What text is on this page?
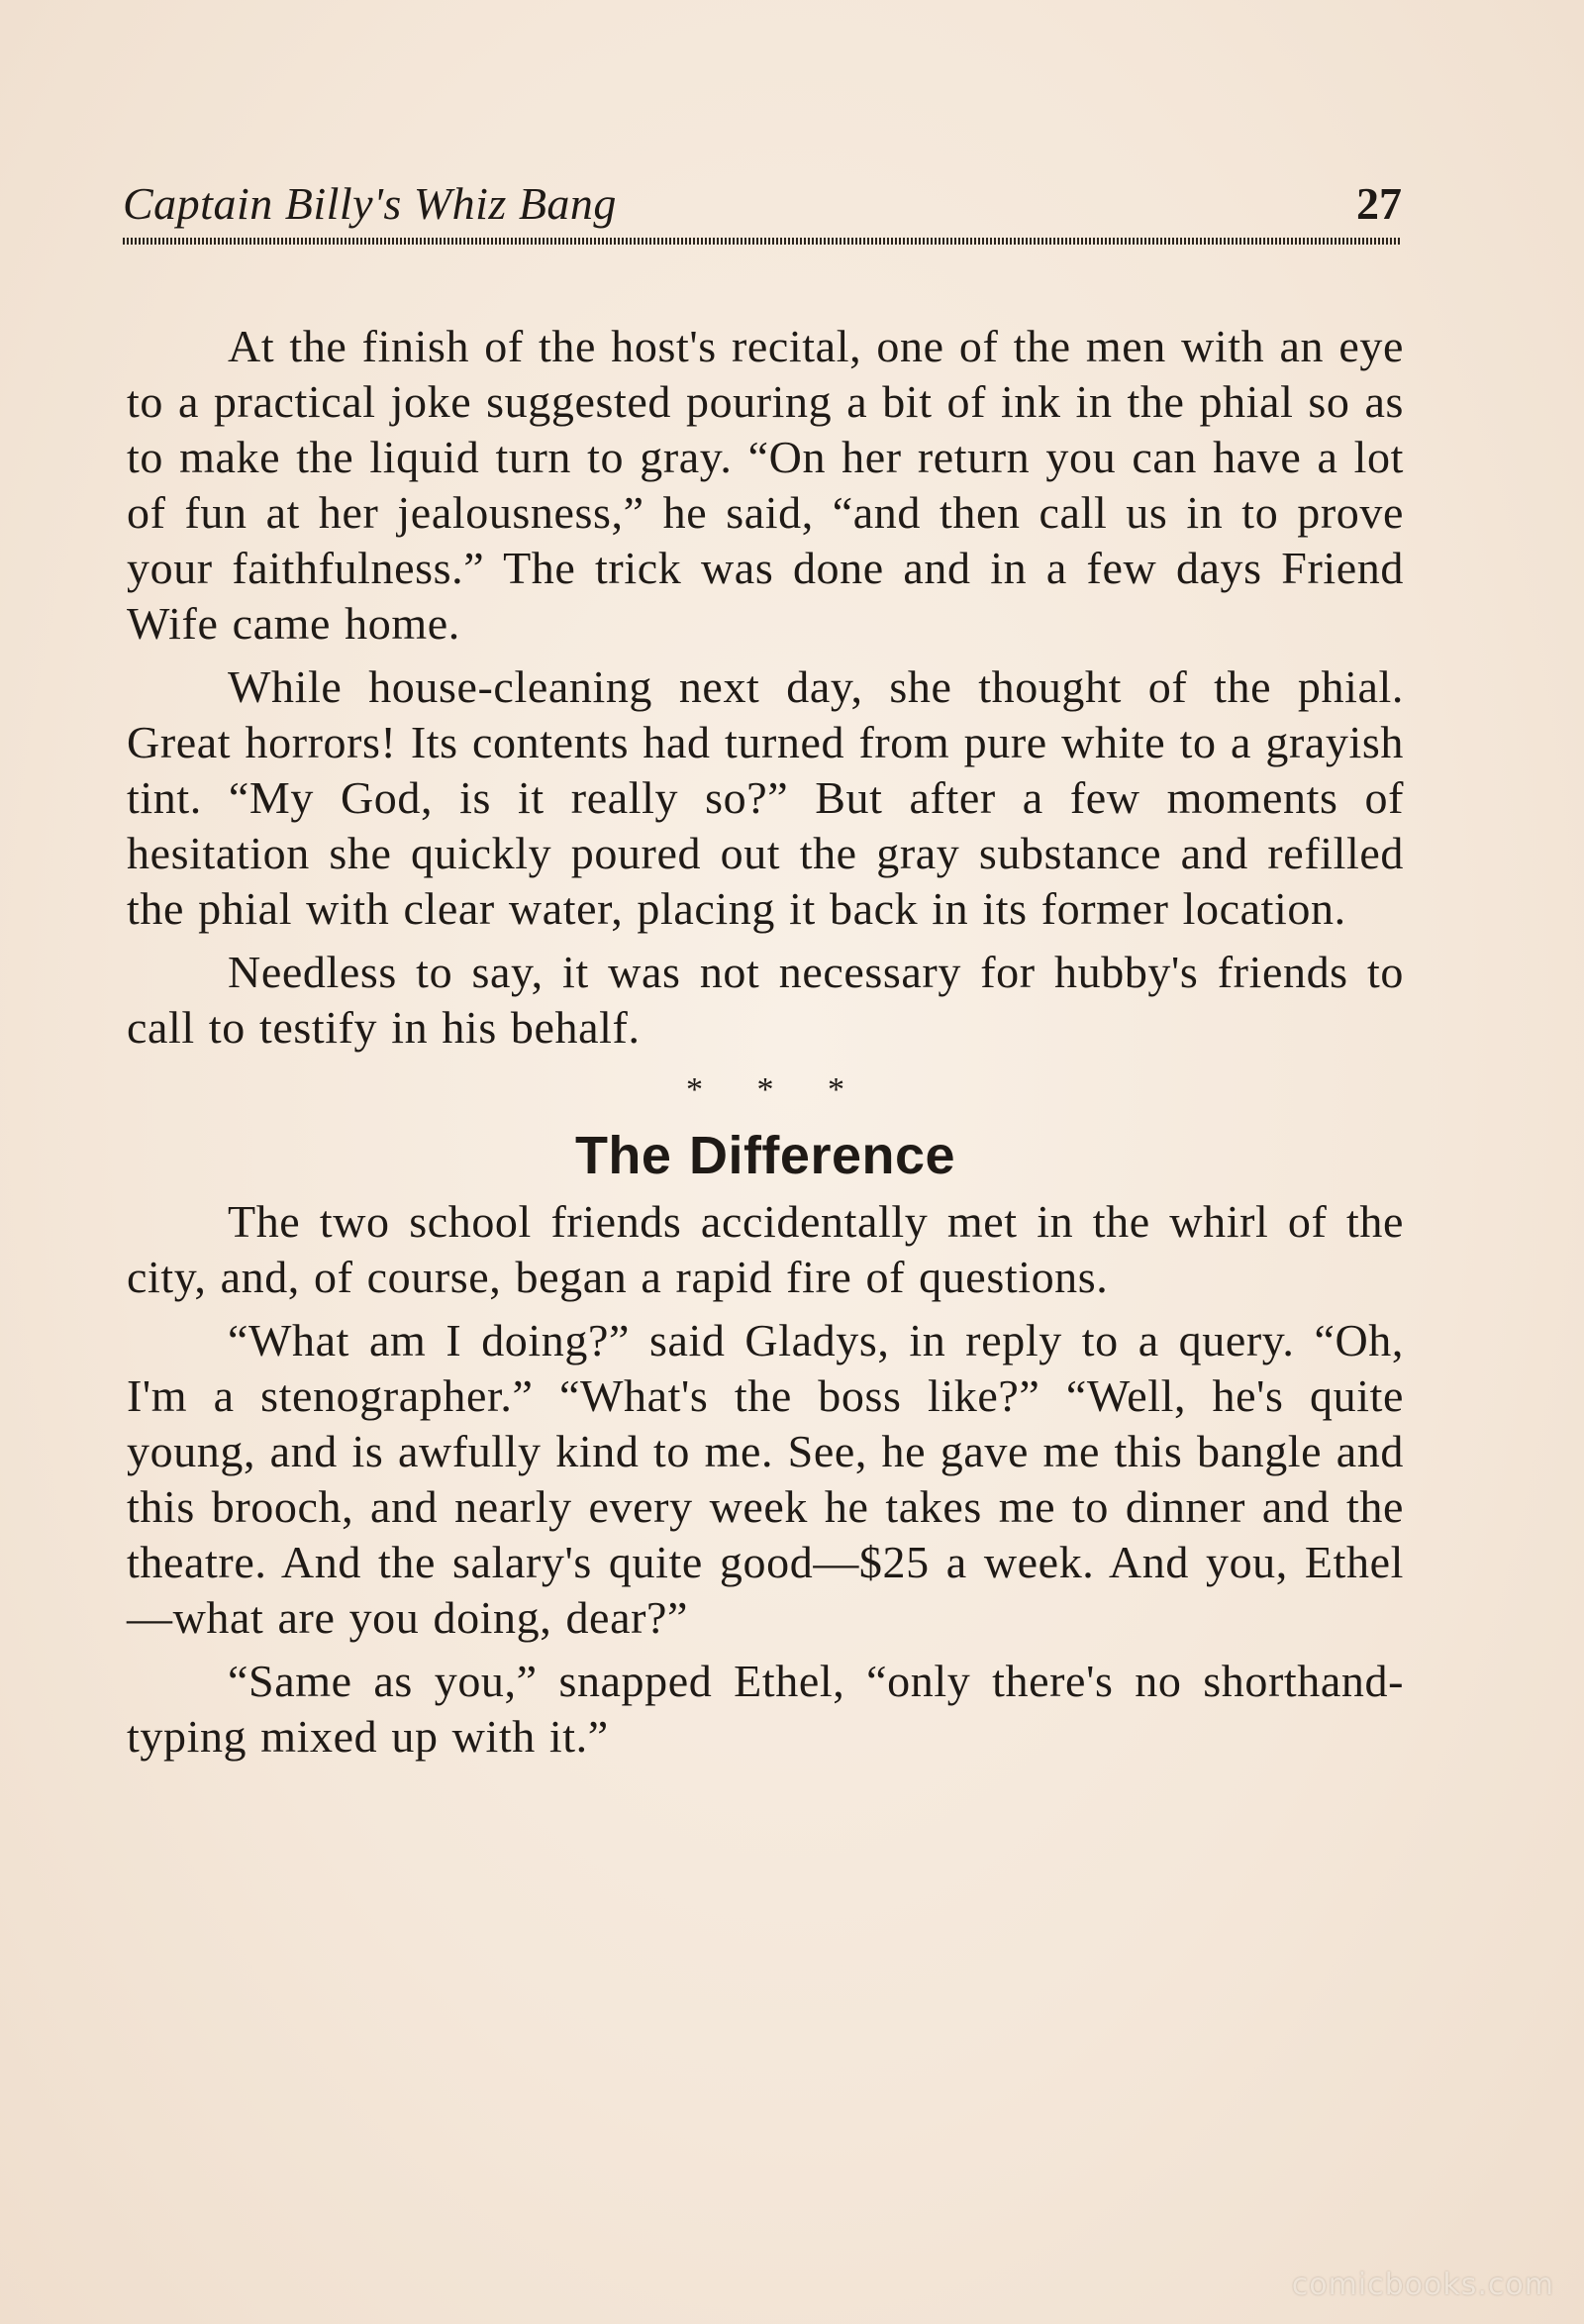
Captain Billy's Whiz Bang	27

At the finish of the host's recital, one of the men with an eye to a practical joke suggested pouring a bit of ink in the phial so as to make the liquid turn to gray. “On her return you can have a lot of fun at her jealousness,” he said, “and then call us in to prove your faithfulness.” The trick was done and in a few days Friend Wife came home.

While house-cleaning next day, she thought of the phial. Great horrors! Its contents had turned from pure white to a grayish tint. “My God, is it really so?” But after a few moments of hesitation she quickly poured out the gray substance and refilled the phial with clear water, placing it back in its former location.

Needless to say, it was not necessary for hubby's friends to call to testify in his behalf.

* * *
The Difference

The two school friends accidentally met in the whirl of the city, and, of course, began a rapid fire of questions.

“What am I doing?” said Gladys, in reply to a query. “Oh, I'm a stenographer.” “What's the boss like?” “Well, he's quite young, and is awfully kind to me. See, he gave me this bangle and this brooch, and nearly every week he takes me to dinner and the theatre. And the salary's quite good—$25 a week. And you, Ethel—what are you doing, dear?”

“Same as you,” snapped Ethel, “only there's no shorthand-typing mixed up with it.”

comicbooks.com
